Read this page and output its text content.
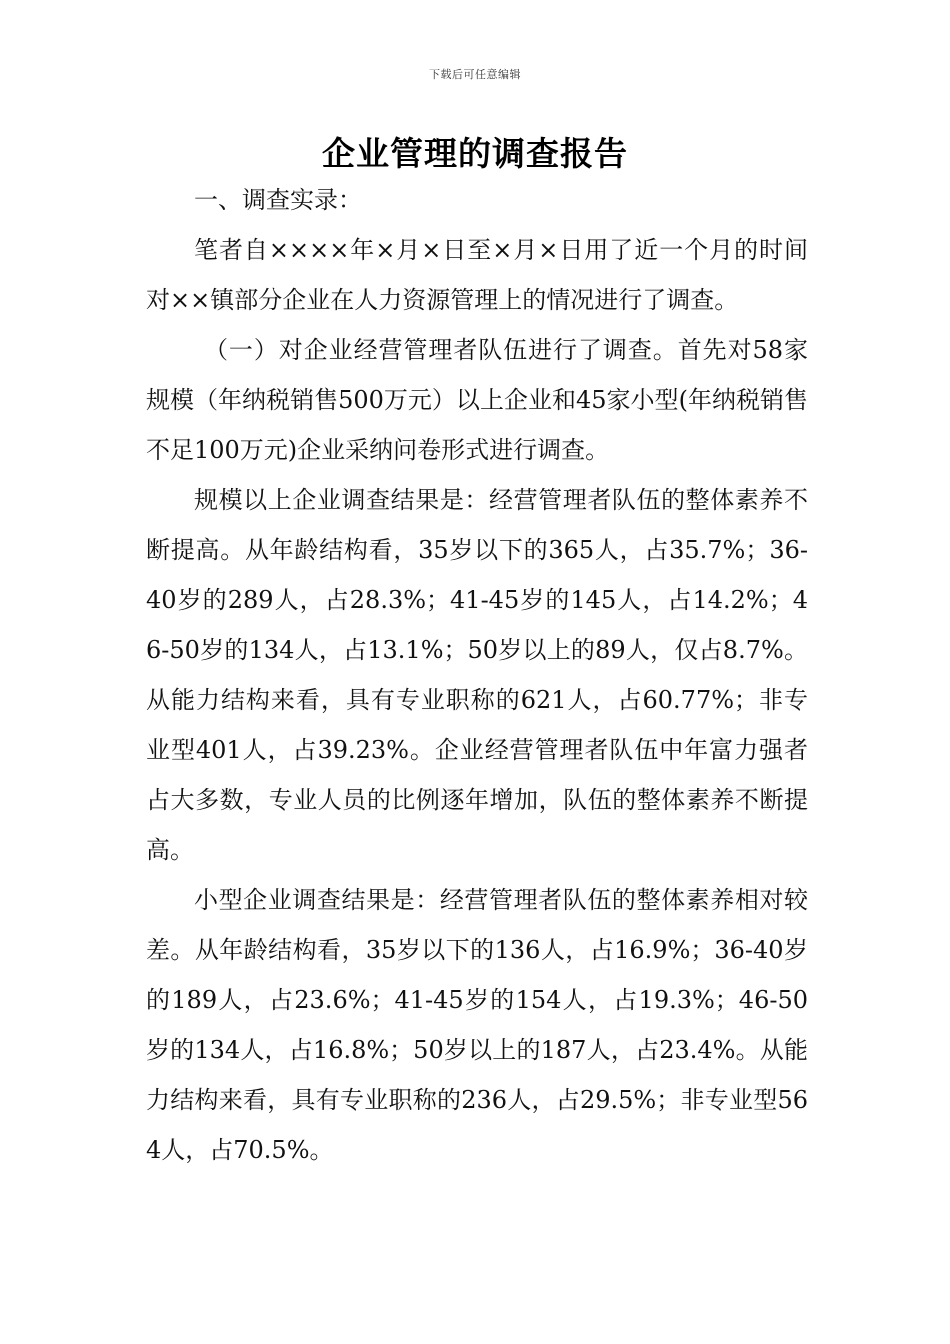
下载后可任意编辑
企业管理的调查报告

一、调查实录：

笔者自××××年×月×日至×月×日用了近一个月的时间对××镇部分企业在人力资源管理上的情况进行了调查。

（一）对企业经营管理者队伍进行了调查。首先对58家规模（年纳税销售500万元）以上企业和45家小型(年纳税销售不足100万元)企业采纳问卷形式进行调查。

规模以上企业调查结果是：经营管理者队伍的整体素养不断提高。从年龄结构看，35岁以下的365人，占35.7%；36-40岁的289人，占28.3%；41-45岁的145人，占14.2%；46-50岁的134人，占13.1%；50岁以上的89人，仅占8.7%。从能力结构来看，具有专业职称的621人，占60.77%；非专业型401人，占39.23%。企业经营管理者队伍中年富力强者占大多数，专业人员的比例逐年增加，队伍的整体素养不断提高。

小型企业调查结果是：经营管理者队伍的整体素养相对较差。从年龄结构看，35岁以下的136人，占16.9%；36-40岁的189人，占23.6%；41-45岁的154人，占19.3%；46-50岁的134人，占16.8%；50岁以上的187人，占23.4%。从能力结构来看，具有专业职称的236人，占29.5%；非专业型564人，占70.5%。
